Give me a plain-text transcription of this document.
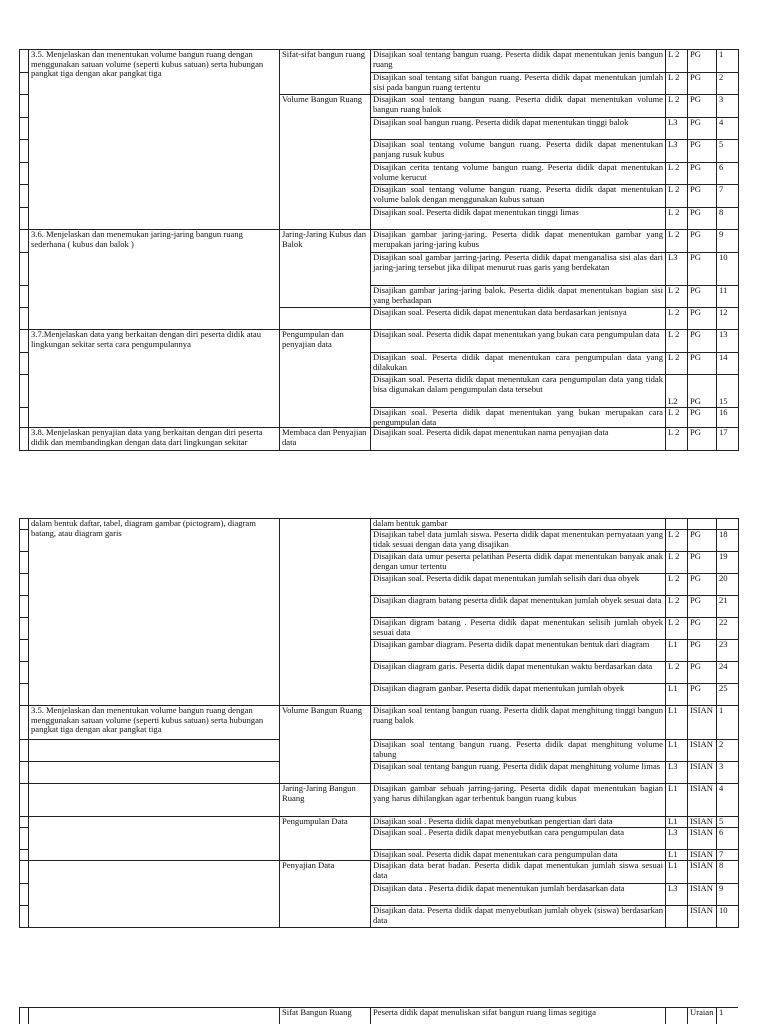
	3.5. Menjelaskan dan menentukan volume bangun ruang dengan menggunakan satuan volume (seperti kubus satuan) serta hubungan pangkat tiga dengan akar pangkat tiga	Sifat-sifat bangun ruang	Disajikan soal tentang bangun ruang. Peserta didik dapat menentukan jenis bangun ruang	L 2	PG	1
			Disajikan soal tentang sifat bangun ruang. Peserta didik dapat menentukan jumlah sisi pada bangun ruang tertentu	L 2	PG	2
		Volume Bangun Ruang	Disajikan soal tentang bangun ruang. Peserta didik dapat menentukan volume bangun ruang balok	L 2	PG	3
			Disajikan soal bangun ruang. Peserta didik dapat menentukan tinggi balok	L3	PG	4
			Disajikan soal tentang volume bangun ruang. Peserta didik dapat menentukan panjang rusuk kubus	L3	PG	5
			Disajikan cerita tentang volume bangun ruang. Peserta didik dapat menentukan volume kerucut	L 2	PG	6
			Disajikan soal tentang volume bangun ruang. Peserta didik dapat menentukan volume balok dengan menggunakan kubus satuan	L 2	PG	7
			Disajikan soal. Peserta didik dapat menentukan tinggi limas	L 2	PG	8
	3.6. Menjelaskan dan menemukan jaring-jaring bangun ruang sederhana ( kubus dan balok )	Jaring-Jaring Kubus dan Balok	Disajikan gambar jaring-jaring. Peserta didik dapat menentukan gambar yang merupakan jaring-jaring kubus	L 2	PG	9
			Disajikan soal gambar jarring-jaring. Peserta didik dapat menganalisa sisi alas dari jaring-jaring tersebut jika dilipat menurut ruas garis yang berdekatan	L3	PG	10
			Disajikan gambar jaring-jaring balok. Peserta didik dapat menentukan bagian sisi yang berhadapan	L 2	PG	11
			Disajikan soal. Peserta didik dapat menentukan data berdasarkan jenisnya	L 2	PG	12
	3.7.Menjelaskan data yang berkaitan dengan diri peserta didik atau lingkungan sekitar serta cara pengumpulannya	Pengumpulan dan penyajian data	Disajikan soal. Peserta didik dapat menentukan yang bukan cara pengumpulan data	L 2	PG	13
			Disajikan soal. Peserta didik dapat menentukan cara pengumpulan data yang dilakukan	L 2	PG	14
			Disajikan soal. Peserta didik dapat menentukan cara pengumpulan data yang tidak bisa digunakan dalam pengumpulan data tersebut	L2	PG	15
			Disajikan soal. Peserta didik dapat menentukan yang bukan merupakan cara pengumpulan data	L 2	PG	16
	3.8. Menjelaskan penyajian data yang berkaitan dengan diri peserta didik dan membandingkan dengan data dari lingkungan sekitar	Membaca dan Penyajian data	Disajikan soal. Peserta didik dapat menentukan nama penyajian data	L 2	PG	17
	dalam bentuk daftar, tabel, diagram gambar (pictogram), diagram batang, atau diagram garis		dalam bentuk gambar			
			Disajikan tabel data jumlah siswa. Peserta didik dapat menentukan pernyataan yang tidak sesuai dengan data yang disajikan	L 2	PG	18
			Disajikan data umur peserta pelatihan Peserta didik dapat menentukan banyak anak dengan umur tertentu	L 2	PG	19
			Disajikan soal. Peserta didik dapat menentukan jumlah selisih dari dua obyek	L 2	PG	20
			Disajikan diagram batang peserta didik dapat menentukan jumlah obyek sesuai data	L 2	PG	21
			Disajikan digram batang . Peserta didik dapat menentukan selisih jumlah obyek sesuai data	L 2	PG	22
			Disajikan gambar diagram. Peserta didik dapat menentukan bentuk dari diagram	L1	PG	23
			Disajikan diagram garis. Peserta didik dapat menentukan waktu berdasarkan data	L 2	PG	24
			Disajikan diagram ganbar. Peserta didik dapat menentukan jumlah obyek	L1	PG	25
	3.5. Menjelaskan dan menentukan volume bangun ruang dengan menggunakan satuan volume (seperti kubus satuan) serta hubungan pangkat tiga dengan akar pangkat tiga	Volume Bangun Ruang	Disajikan soal tentang bangun ruang. Peserta didik dapat menghitung tinggi bangun ruang balok	L1	ISIAN	1
			Disajikan soal tentang bangun ruang. Peserta didik dapat menghitung volume tabung	L1	ISIAN	2
			Disajikan soal tentang bangun ruang. Peserta didik dapat menghitung volume limas	L3	ISIAN	3
		Jaring-Jaring Bangun Ruang	Disajikan gambar sebuah jarring-jaring. Peserta didik dapat menentukan bagian yang harus dihilangkan agar terbentuk bangun ruang kubus	L1	ISIAN	4
		Pengumpulan Data	Disajikan soal . Peserta didik dapat menyebutkan pengertian dari data	L1	ISIAN	5
			Disajikan soal . Peserta didik dapat menyebutkan cara pengumpulan data	L3	ISIAN	6
			Disajikan soal. Peserta didik dapat menentukan cara pengumpulan data	L1	ISIAN	7
		Penyajian Data	Disajikan data berat badan. Peserta didik dapat menentukan jumlah siswa sesuai data	L1	ISIAN	8
			Disajikan data . Peserta didik dapat menentukan jumlah berdasarkan data	L3	ISIAN	9
			Disajikan data. Peserta didik dapat menyebutkan jumlah obyek (siswa) berdasarkan data		ISIAN	10
		Sifat Bangun Ruang	Peserta didik dapat menuliskan sifat bangun ruang limas segitiga		Uraian	1
